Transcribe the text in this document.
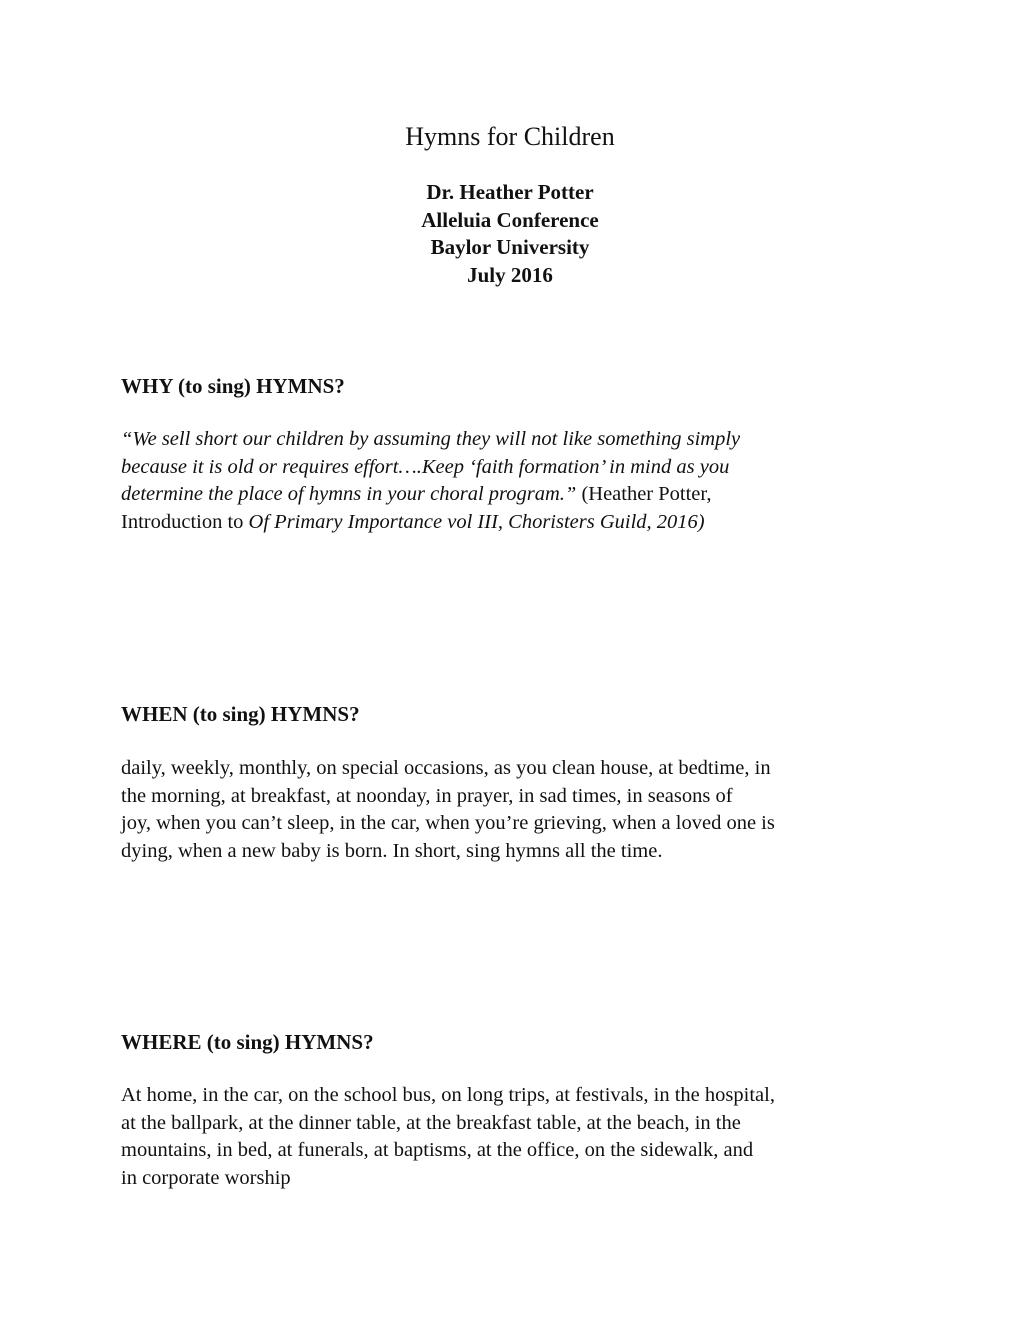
Hymns for Children
Dr. Heather Potter
Alleluia Conference
Baylor University
July 2016
WHY (to sing) HYMNS?
“We sell short our children by assuming they will not like something simply
because it is old or requires effort….Keep ‘faith formation’ in mind as you
determine the place of hymns in your choral program.” (Heather Potter,
Introduction to Of Primary Importance vol III, Choristers Guild, 2016)
WHEN (to sing) HYMNS?
daily, weekly, monthly, on special occasions, as you clean house, at bedtime, in
the morning, at breakfast, at noonday, in prayer, in sad times, in seasons of
joy, when you can’t sleep, in the car, when you’re grieving, when a loved one is
dying, when a new baby is born. In short, sing hymns all the time.
WHERE (to sing) HYMNS?
At home, in the car, on the school bus, on long trips, at festivals, in the hospital,
at the ballpark, at the dinner table, at the breakfast table, at the beach, in the
mountains, in bed, at funerals, at baptisms, at the office, on the sidewalk, and
in corporate worship
